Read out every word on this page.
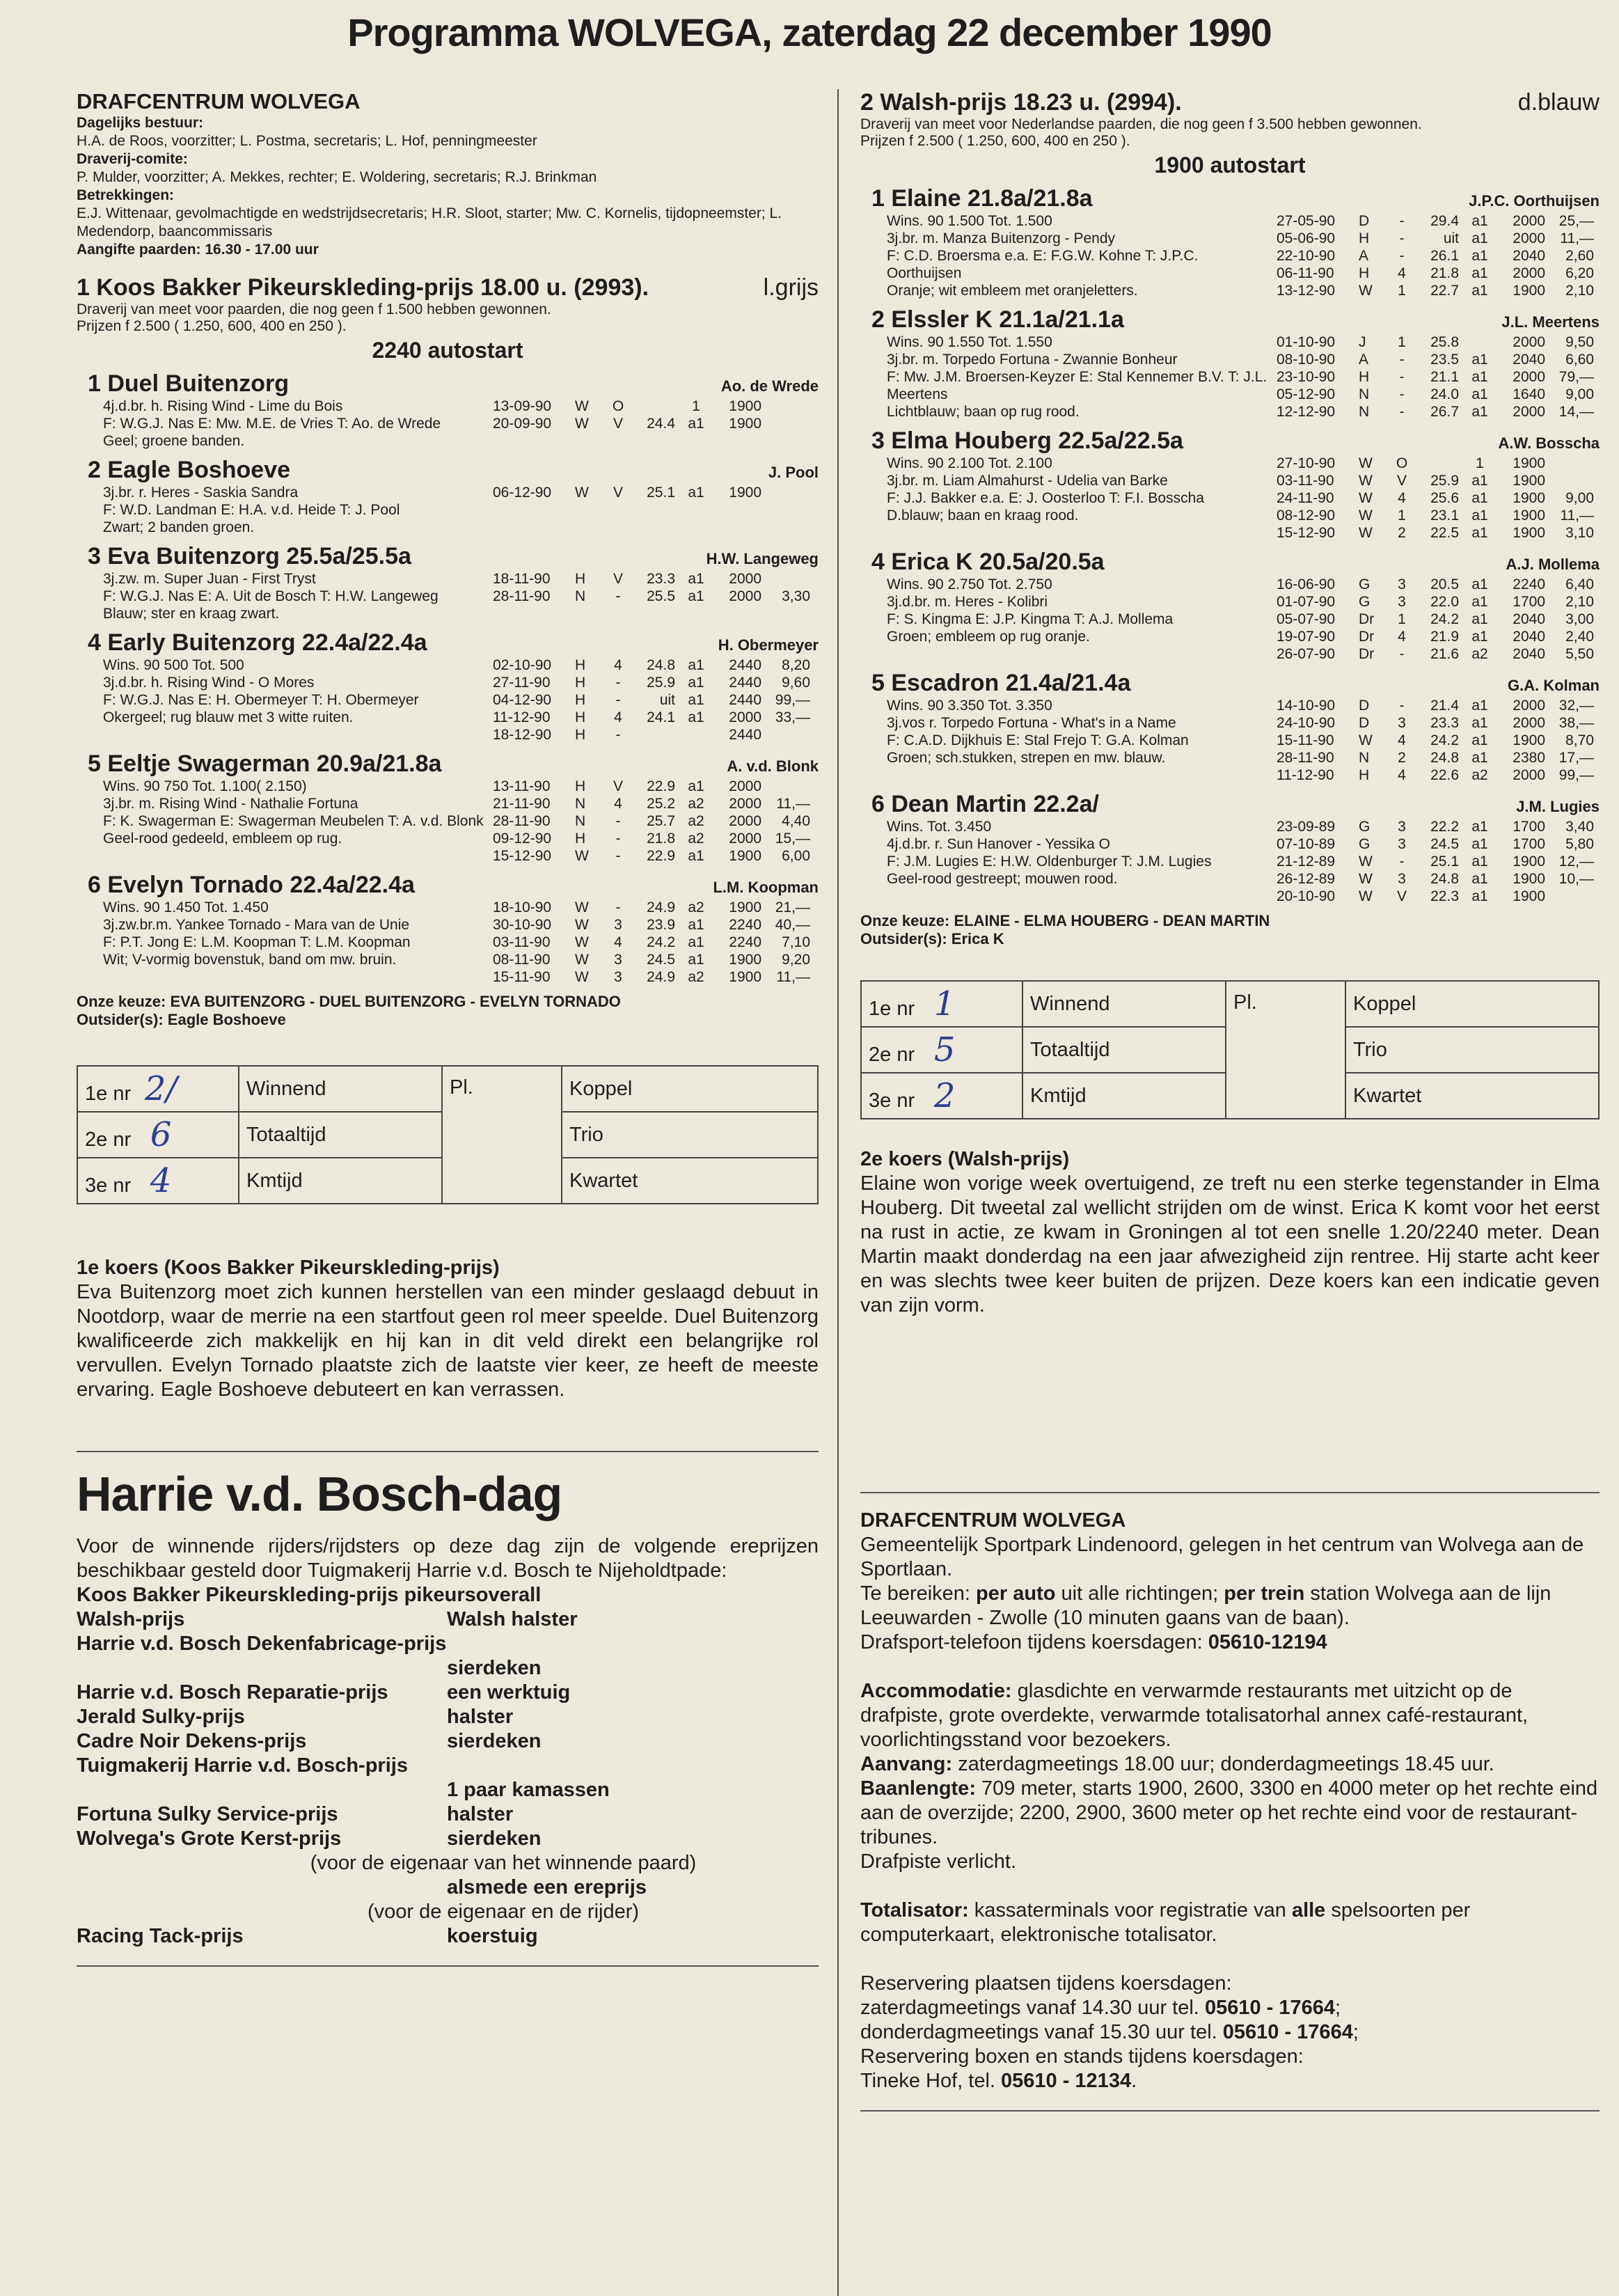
Programma WOLVEGA, zaterdag 22 december 1990
DRAFCENTRUM WOLVEGA
Dagelijks bestuur:
H.A. de Roos, voorzitter; L. Postma, secretaris; L. Hof, penningmeester
Draverij-comite:
P. Mulder, voorzitter; A. Mekkes, rechter; E. Woldering, secretaris; R.J. Brinkman
Betrekkingen:
E.J. Wittenaar, gevolmachtigde en wedstrijdsecretaris; H.R. Sloot, starter; Mw. C. Kornelis, tijdopneemster; L. Medendorp, baancommissaris
Aangifte paarden: 16.30 - 17.00 uur
1 Koos Bakker Pikeurskleding-prijs 18.00 u. (2993).	l.grijs
Draverij van meet voor paarden, die nog geen f 1.500 hebben gewonnen.
Prijzen f 2.500 ( 1.250, 600, 400 en 250 ).
2240 autostart
1 Duel Buitenzorg	Ao. de Wrede
4j.d.br. h. Rising Wind - Lime du Bois
F: W.G.J. Nas E: Mw. M.E. de Vries T: Ao. de Wrede
Geel; groene banden.
13-09-90	W	O	1	1900
20-09-90	W	V	24.4 a1	1900
2 Eagle Boshoeve	J. Pool
3j.br. r. Heres - Saskia Sandra
F: W.D. Landman E: H.A. v.d. Heide T: J. Pool
Zwart; 2 banden groen.
06-12-90	W	V	25.1 a1	1900
3 Eva Buitenzorg 25.5a/25.5a	H.W. Langeweg
3j.zw. m. Super Juan - First Tryst
F: W.G.J. Nas E: A. Uit de Bosch T: H.W. Langeweg
Blauw; ster en kraag zwart.
18-11-90	H	V	23.3 a1	2000
28-11-90	N	-	25.5 a1	2000	3,30
4 Early Buitenzorg 22.4a/22.4a	H. Obermeyer
Wins. 90 500 Tot. 500
3j.d.br. h. Rising Wind - O Mores
F: W.G.J. Nas E: H. Obermeyer T: H. Obermeyer
Okergeel; rug blauw met 3 witte ruiten.
02-10-90	H	4	24.8 a1	2440	8,20
27-11-90	H	-	25.9 a1	2440	9,60
04-12-90	H	-	uit a1	2440 99,—
11-12-90	H	4	24.1 a1	2000 33,—
18-12-90	H	-	2440
5 Eeltje Swagerman 20.9a/21.8a	A. v.d. Blonk
Wins. 90 750 Tot. 1.100( 2.150)
3j.br. m. Rising Wind - Nathalie Fortuna
F: K. Swagerman E: Swagerman Meubelen T: A. v.d. Blonk
Geel-rood gedeeld, embleem op rug.
13-11-90	H	V	22.9 a1	2000
21-11-90	N	4	25.2 a2	2000	11,—
28-11-90	N	-	25.7 a2	2000	4,40
09-12-90	H	-	21.8 a2	2000 15,—
15-12-90	W	-	22.9 a1	1900	6,00
6 Evelyn Tornado 22.4a/22.4a	L.M. Koopman
Wins. 90 1.450 Tot. 1.450
3j.zw.br.m. Yankee Tornado - Mara van de Unie
F: P.T. Jong E: L.M. Koopman T: L.M. Koopman
Wit; V-vormig bovenstuk, band om mw. bruin.
18-10-90	W	-	24.9 a2	1900 21,—
30-10-90	W	3	23.9 a1	2240 40,—
03-11-90	W	4	24.2 a1	2240	7,10
08-11-90	W	3	24.5 a1	1900	9,20
15-11-90	W	3	24.9 a2	1900	11,—
Onze keuze: EVA BUITENZORG - DUEL BUITENZORG - EVELYN TORNADO
Outsider(s): Eagle Boshoeve
1e nr 2/	Winnend	Pl.	Koppel
2e nr 6	Totaaltijd		Trio
3e nr 4	Kmtijd		Kwartet
1e koers (Koos Bakker Pikeurskleding-prijs)
Eva Buitenzorg moet zich kunnen herstellen van een minder geslaagd debuut in Nootdorp, waar de merrie na een startfout geen rol meer speelde. Duel Buitenzorg kwalificeerde zich makkelijk en hij kan in dit veld direkt een belangrijke rol vervullen. Evelyn Tornado plaatste zich de laatste vier keer, ze heeft de meeste ervaring. Eagle Boshoeve debuteert en kan verrassen.
Harrie v.d. Bosch-dag
Voor de winnende rijders/rijdsters op deze dag zijn de volgende ereprijzen beschikbaar gesteld door Tuigmakerij Harrie v.d. Bosch te Nijeholdtpade:
Koos Bakker Pikeurskleding-prijs pikeursoverall
Walsh-prijs	Walsh halster
Harrie v.d. Bosch Dekenfabricage-prijs
sierdeken
Harrie v.d. Bosch Reparatie-prijs	een werktuig
Jerald Sulky-prijs	halster
Cadre Noir Dekens-prijs	sierdeken
Tuigmakerij Harrie v.d. Bosch-prijs
1 paar kamassen
Fortuna Sulky Service-prijs	halster
Wolvega's Grote Kerst-prijs	sierdeken
(voor de eigenaar van het winnende paard)
alsmede een ereprijs
(voor de eigenaar en de rijder)
Racing Tack-prijs	koerstuig
2 Walsh-prijs 18.23 u. (2994).	d.blauw
Draverij van meet voor Nederlandse paarden, die nog geen f 3.500 hebben gewonnen.
Prijzen f 2.500 ( 1.250, 600, 400 en 250 ).
1900 autostart
1 Elaine 21.8a/21.8a	J.P.C. Oorthuijsen
Wins. 90 1.500 Tot. 1.500
3j.br. m. Manza Buitenzorg - Pendy
F: C.D. Broersma e.a. E: F.G.W. Kohne T: J.P.C. Oorthuijsen
Oranje; wit embleem met oranjeletters.
27-05-90	D	-	29.4 a1	2000 25,—
05-06-90	H	-	uit a1	2000	11,—
22-10-90	A	-	26.1 a1	2040	2,60
06-11-90	H	4	21.8 a1	2000	6,20
13-12-90	W	1	22.7 a1	1900	2,10
2 Elssler K 21.1a/21.1a	J.L. Meertens
Wins. 90 1.550 Tot. 1.550
3j.br. m. Torpedo Fortuna - Zwannie Bonheur
F: Mw. J.M. Broersen-Keyzer E: Stal Kennemer B.V. T: J.L. Meertens
Lichtblauw; baan op rug rood.
01-10-90	J	1	25.8	2000	9,50
08-10-90	A	-	23.5 a1	2040	6,60
23-10-90	H	-	21.1 a1	2000 79,—
05-12-90	N	-	24.0 a1	1640	9,00
12-12-90	N	-	26.7 a1	2000 14,—
3 Elma Houberg 22.5a/22.5a	A.W. Bosscha
Wins. 90 2.100 Tot. 2.100
3j.br. m. Liam Almahurst - Udelia van Barke
F: J.J. Bakker e.a. E: J. Oosterloo T: F.I. Bosscha
D.blauw; baan en kraag rood.
27-10-90	W	O	1	1900
03-11-90	W	V	25.9 a1	1900
24-11-90	W	4	25.6 a1	1900	9,00
08-12-90	W	1	23.1 a1	1900	11,—
15-12-90	W	2	22.5 a1	1900	3,10
4 Erica K 20.5a/20.5a	A.J. Mollema
Wins. 90 2.750 Tot. 2.750
3j.d.br. m. Heres - Kolibri
F: S. Kingma E: J.P. Kingma T: A.J. Mollema
Groen; embleem op rug oranje.
16-06-90	G	3	20.5 a1	2240	6,40
01-07-90	G	3	22.0 a1	1700	2,10
05-07-90	Dr	1	24.2 a1	2040	3,00
19-07-90	Dr	4	21.9 a1	2040	2,40
26-07-90	Dr	-	21.6 a2	2040	5,50
5 Escadron 21.4a/21.4a	G.A. Kolman
Wins. 90 3.350 Tot. 3.350
3j.vos r. Torpedo Fortuna - What's in a Name
F: C.A.D. Dijkhuis E: Stal Frejo T: G.A. Kolman
Groen; sch.stukken, strepen en mw. blauw.
14-10-90	D	-	21.4 a1	2000 32,—
24-10-90	D	3	23.3 a1	2000 38,—
15-11-90	W	4	24.2 a1	1900	8,70
28-11-90	N	2	24.8 a1	2380 17,—
11-12-90	H	4	22.6 a2	2000 99,—
6 Dean Martin 22.2a/	J.M. Lugies
Wins. Tot. 3.450
4j.d.br. r. Sun Hanover - Yessika O
F: J.M. Lugies E: H.W. Oldenburger T: J.M. Lugies
Geel-rood gestreept; mouwen rood.
23-09-89	G	3	22.2 a1	1700	3,40
07-10-89	G	3	24.5 a1	1700	5,80
21-12-89	W	-	25.1 a1	1900 12,—
26-12-89	W	3	24.8 a1	1900 10,—
20-10-90	W	V	22.3 a1	1900
Onze keuze: ELAINE - ELMA HOUBERG - DEAN MARTIN
Outsider(s): Erica K
1e nr 1	Winnend	Pl.	Koppel
2e nr 5	Totaaltijd		Trio
3e nr 2	Kmtijd		Kwartet
2e koers (Walsh-prijs)
Elaine won vorige week overtuigend, ze treft nu een sterke tegenstander in Elma Houberg. Dit tweetal zal wellicht strijden om de winst. Erica K komt voor het eerst na rust in actie, ze kwam in Groningen al tot een snelle 1.20/2240 meter. Dean Martin maakt donderdag na een jaar afwezigheid zijn rentree. Hij starte acht keer en was slechts twee keer buiten de prijzen. Deze koers kan een indicatie geven van zijn vorm.
DRAFCENTRUM WOLVEGA
Gemeentelijk Sportpark Lindenoord, gelegen in het centrum van Wolvega aan de Sportlaan.
Te bereiken: per auto uit alle richtingen; per trein station Wolvega aan de lijn Leeuwarden - Zwolle (10 minuten gaans van de baan).
Drafsport-telefoon tijdens koersdagen: 05610-12194
Accommodatie: glasdichte en verwarmde restaurants met uitzicht op de drafpiste, grote overdekte, verwarmde totalisatorhal annex café-restaurant, voorlichtingsstand voor bezoekers.
Aanvang: zaterdagmeetings 18.00 uur; donderdagmeetings 18.45 uur.
Baanlengte: 709 meter, starts 1900, 2600, 3300 en 4000 meter op het rechte eind aan de overzijde; 2200, 2900, 3600 meter op het rechte eind voor de restaurant-tribunes.
Drafpiste verlicht.
Totalisator: kassaterminals voor registratie van alle spelsoorten per computerkaart, elektronische totalisator.
Reservering plaatsen tijdens koersdagen:
zaterdagmeetings vanaf 14.30 uur tel. 05610 - 17664;
donderdagmeetings vanaf 15.30 uur tel. 05610 - 17664;
Reservering boxen en stands tijdens koersdagen:
Tineke Hof, tel. 05610 - 12134.
